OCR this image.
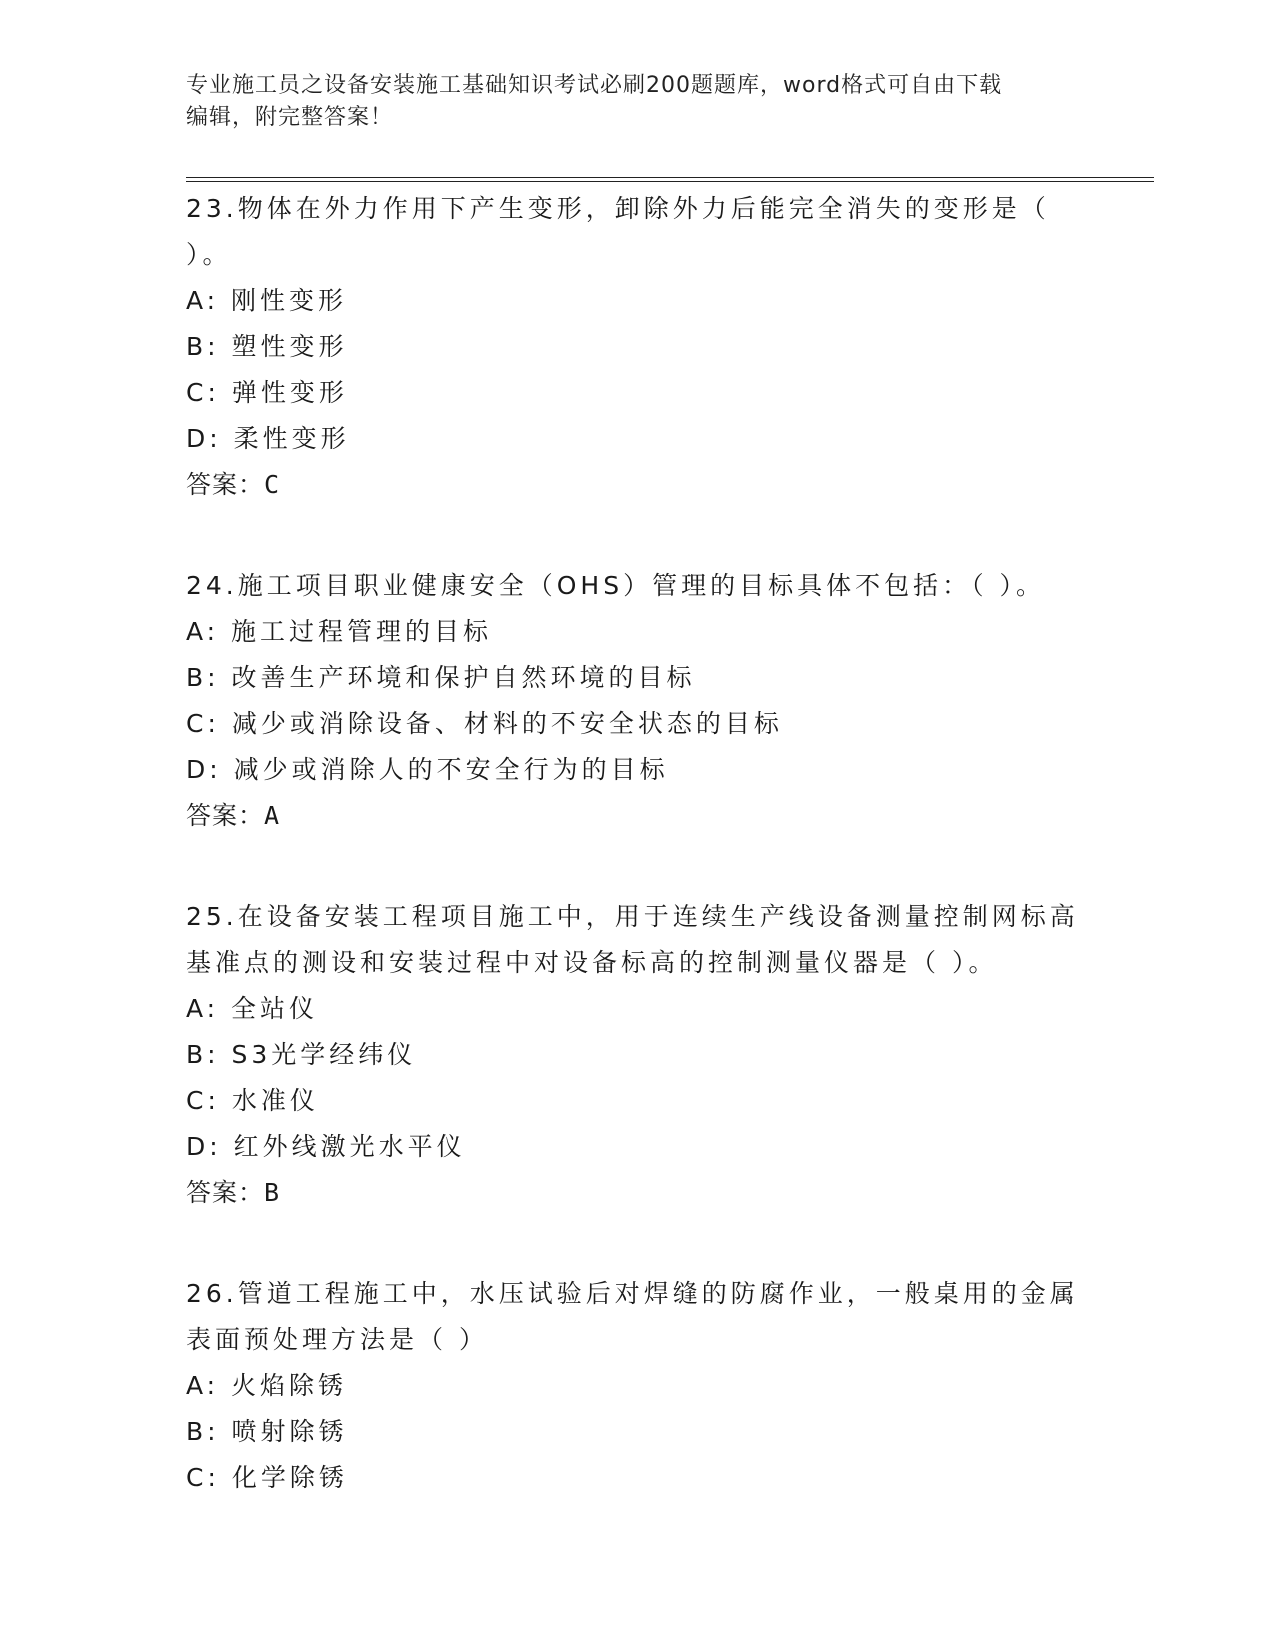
专业施工员之设备安装施工基础知识考试必刷200题题库，word格式可自由下载
编辑，附完整答案！

23.物体在外力作用下产生变形，卸除外力后能完全消失的变形是（ ）。

A: 刚性变形

B: 塑性变形

C: 弹性变形

D: 柔性变形

答案：C

24.施工项目职业健康安全（OHS）管理的目标具体不包括：（ ）。

A: 施工过程管理的目标

B: 改善生产环境和保护自然环境的目标

C: 减少或消除设备、材料的不安全状态的目标

D: 减少或消除人的不安全行为的目标

答案：A

25.在设备安装工程项目施工中，用于连续生产线设备测量控制网标高基准点的测设和安装过程中对设备标高的控制测量仪器是（ ）。

A: 全站仪

B: S3光学经纬仪

C: 水准仪

D: 红外线激光水平仪

答案：B

26.管道工程施工中，水压试验后对焊缝的防腐作业，一般桌用的金属表面预处理方法是（ ）

A: 火焰除锈

B: 喷射除锈

C: 化学除锈
